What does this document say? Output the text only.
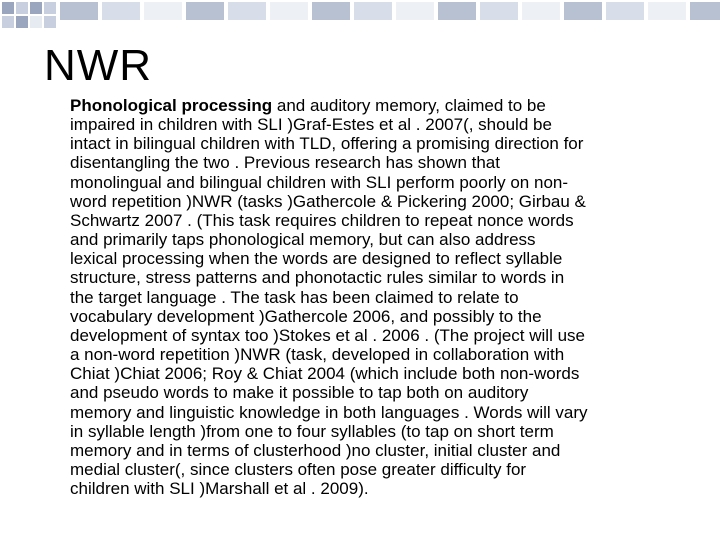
NWR
Phonological processing and auditory memory, claimed to be
impaired in children with SLI )Graf-Estes et al . 2007(, should be
intact in bilingual children with TLD, offering a promising direction for
disentangling the two . Previous research has shown that
monolingual and bilingual children with SLI perform poorly on non-
word repetition )NWR (tasks )Gathercole & Pickering 2000; Girbau &
Schwartz 2007 . (This task requires children to repeat nonce words
and primarily taps phonological memory, but can also address
lexical processing when the words are designed to reflect syllable
structure, stress patterns and phonotactic rules similar to words in
the target language . The task has been claimed to relate to
vocabulary development )Gathercole 2006, and possibly to the
development of syntax too )Stokes et al . 2006 . (The project will use
a non-word repetition )NWR (task, developed in collaboration with
Chiat )Chiat 2006; Roy & Chiat 2004 (which include both non-words
and pseudo words to make it possible to tap both on auditory
memory and linguistic knowledge in both languages . Words will vary
in syllable length )from one to four syllables (to tap on short term
memory and in terms of clusterhood )no cluster, initial cluster and
medial cluster(, since clusters often pose greater difficulty for
children with SLI )Marshall et al . 2009).
